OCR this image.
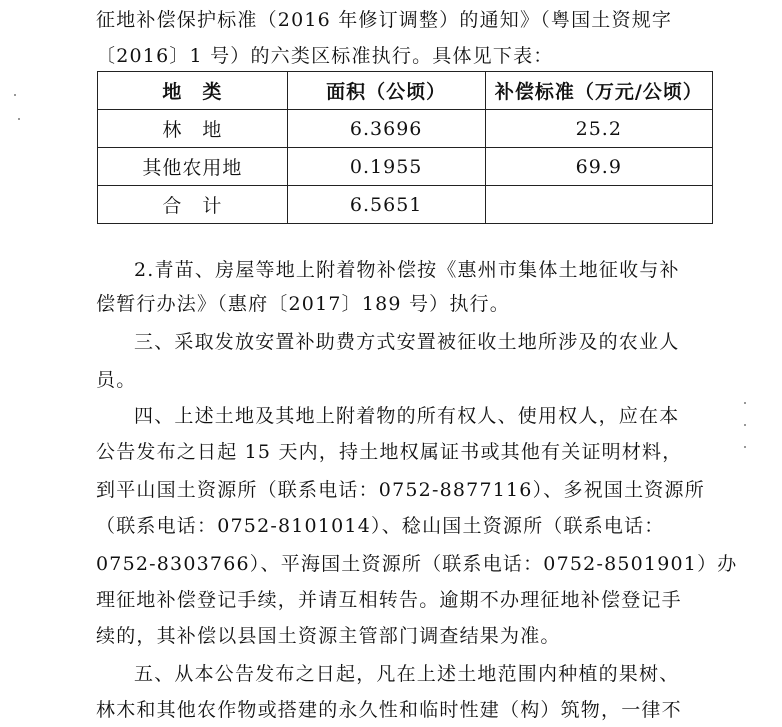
征地补偿保护标准（2016 年修订调整）的通知》（粤国土资规字
〔2016〕1 号）的六类区标准执行。具体见下表：
地　类	面积（公顷）	补偿标准（万元/公顷）
林　地	6.3696	25.2
其他农用地	0.1955	69.9
合　计	6.5651	
2.青苗、房屋等地上附着物补偿按《惠州市集体土地征收与补
偿暂行办法》（惠府〔2017〕189 号）执行。
三、采取发放安置补助费方式安置被征收土地所涉及的农业人
员。
四、上述土地及其地上附着物的所有权人、使用权人，应在本
公告发布之日起 15 天内，持土地权属证书或其他有关证明材料，
到平山国土资源所（联系电话：0752-8877116）、多祝国土资源所
（联系电话：0752-8101014）、稔山国土资源所（联系电话：
0752-8303766）、平海国土资源所（联系电话：0752-8501901）办
理征地补偿登记手续，并请互相转告。逾期不办理征地补偿登记手
续的，其补偿以县国土资源主管部门调查结果为准。
五、从本公告发布之日起，凡在上述土地范围内种植的果树、
林木和其他农作物或搭建的永久性和临时性建（构）筑物，一律不
